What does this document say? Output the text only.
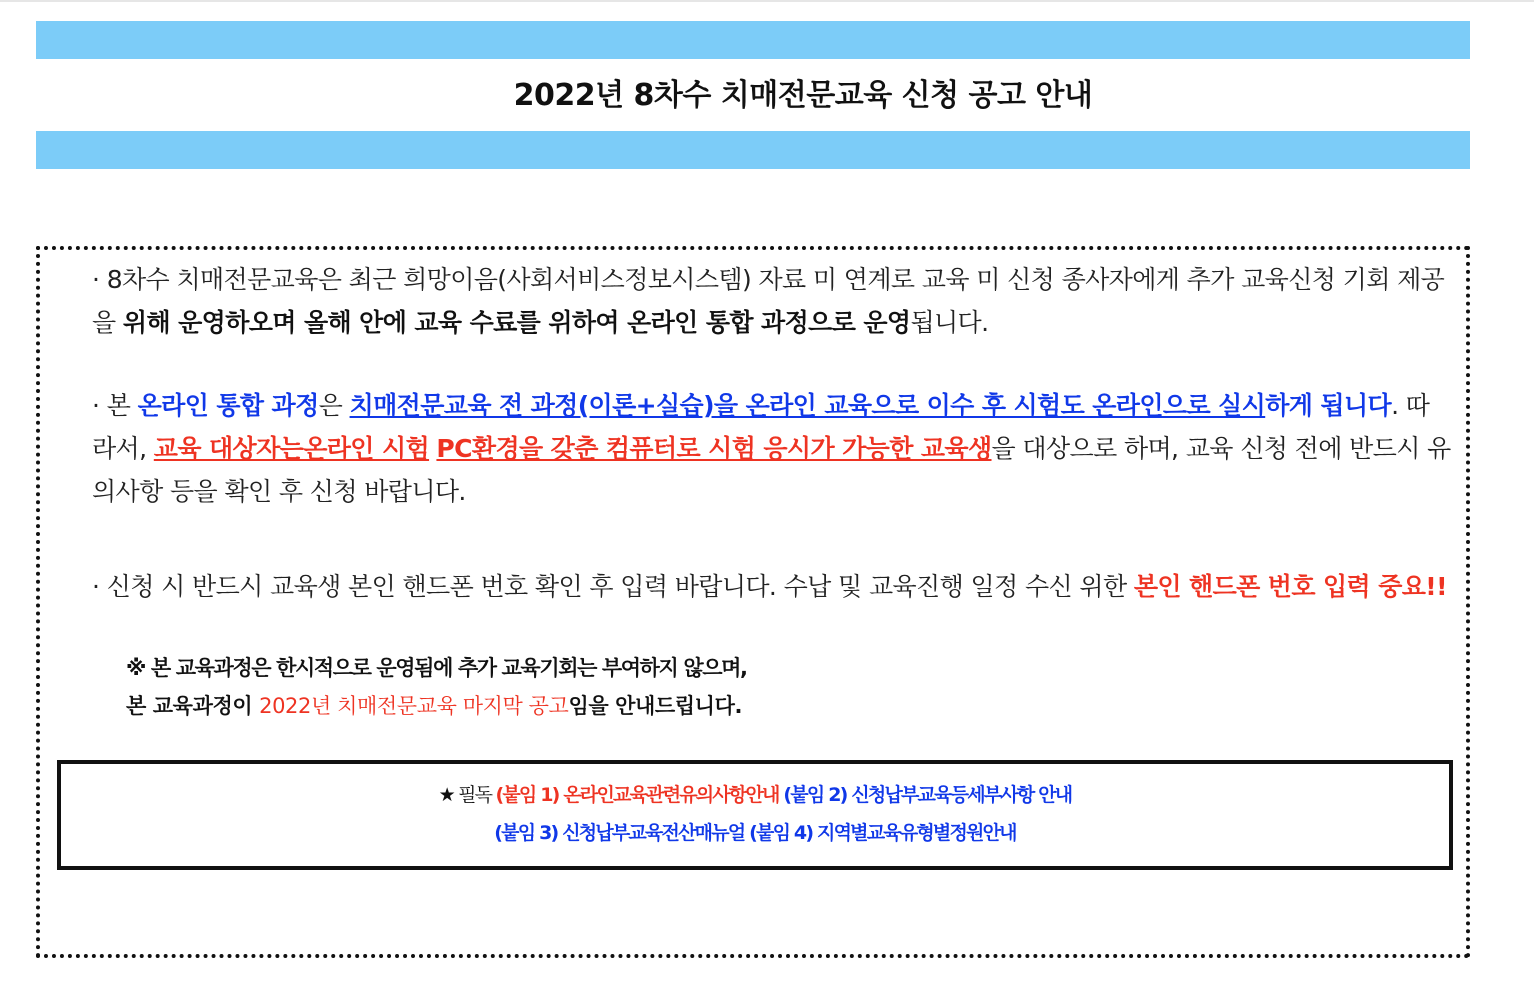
2022년 8차수 치매전문교육 신청 공고 안내
· 8차수 치매전문교육은 최근 희망이음(사회서비스정보시스템) 자료 미 연계로 교육 미 신청 종사자에게 추가 교육신청 기회 제공을 위해 운영하오며 올해 안에 교육 수료를 위하여 온라인 통합 과정으로 운영됩니다.
· 본 온라인 통합 과정은 치매전문교육 전 과정(이론+실습)을 온라인 교육으로 이수 후 시험도 온라인으로 실시하게 됩니다. 따라서, 교육 대상자는온라인 시험 PC환경을 갖춘 컴퓨터로 시험 응시가 가능한 교육생을 대상으로 하며, 교육 신청 전에 반드시 유의사항 등을 확인 후 신청 바랍니다.
· 신청 시 반드시 교육생 본인 핸드폰 번호 확인 후 입력 바랍니다. 수납 및 교육진행 일정 수신 위한 본인 핸드폰 번호 입력 중요!!
※ 본 교육과정은 한시적으로 운영됨에 추가 교육기회는 부여하지 않으며,
본 교육과정이 2022년 치매전문교육 마지막 공고임을 안내드립니다.
★ 필독 (붙임 1) 온라인교육관련유의사항안내 (붙임 2) 신청납부교육등세부사항 안내
(붙임 3) 신청납부교육전산매뉴얼 (붙임 4) 지역별교육유형별정원안내
